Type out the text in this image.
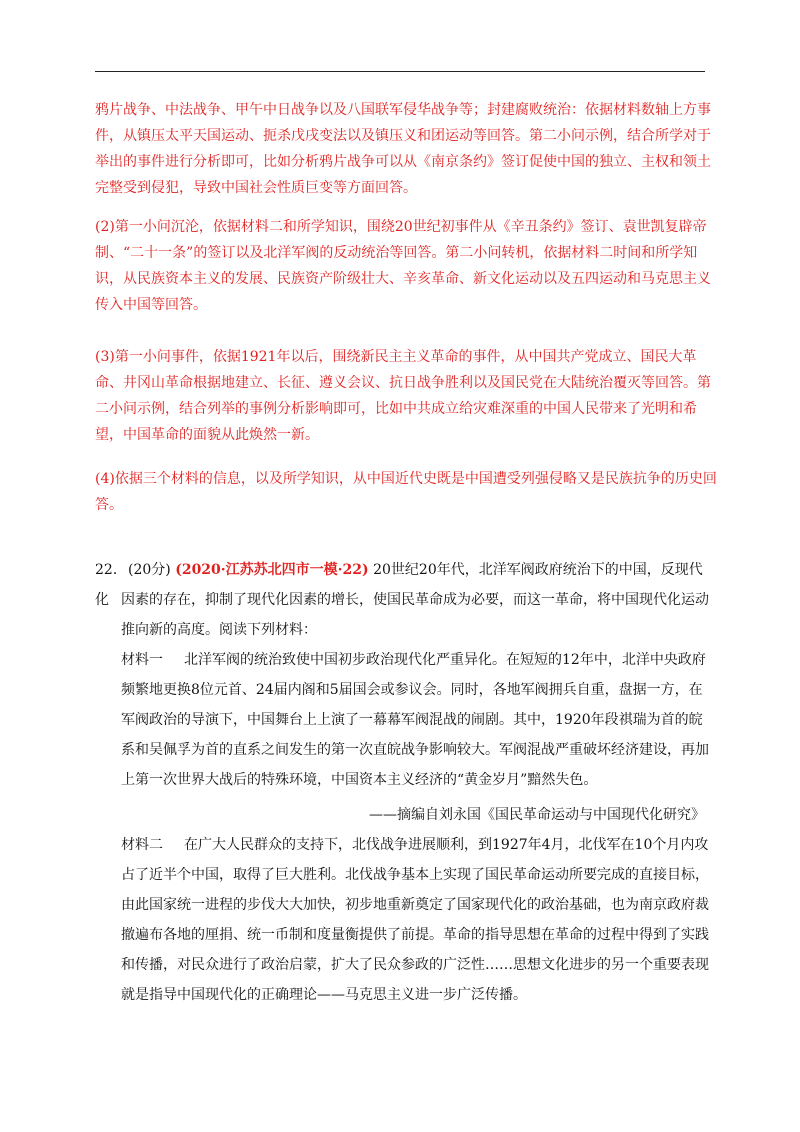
鸦片战争、中法战争、甲午中日战争以及八国联军侵华战争等；封建腐败统治：依据材料数轴上方事件，从镇压太平天国运动、扼杀戊戌变法以及镇压义和团运动等回答。第二小问示例，结合所学对于举出的事件进行分析即可，比如分析鸦片战争可以从《南京条约》签订促使中国的独立、主权和领土完整受到侵犯，导致中国社会性质巨变等方面回答。

(2)第一小问沉沦，依据材料二和所学知识，围绕20世纪初事件从《辛丑条约》签订、袁世凯复辟帝制、“二十一条”的签订以及北洋军阀的反动统治等回答。第二小问转机，依据材料二时间和所学知识，从民族资本主义的发展、民族资产阶级壮大、辛亥革命、新文化运动以及五四运动和马克思主义传入中国等回答。

(3)第一小问事件，依据1921年以后，围绕新民主主义革命的事件，从中国共产党成立、国民大革命、井冈山革命根据地建立、长征、遵义会议、抗日战争胜利以及国民党在大陆统治覆灭等回答。第二小问示例，结合列举的事例分析影响即可，比如中共成立给灾难深重的中国人民带来了光明和希望，中国革命的面貌从此焕然一新。

(4)依据三个材料的信息，以及所学知识，从中国近代史既是中国遭受列强侵略又是民族抗争的历史回答。

22．(20分) (2020·江苏苏北四市一模·22) 20世纪20年代，北洋军阀政府统治下的中国，反现代化 因素的存在，抑制了现代化因素的增长，使国民革命成为必要，而这一革命，将中国现代化运动推向新的高度。阅读下列材料：

材料一 北洋军阀的统治致使中国初步政治现代化严重异化。在短短的12年中，北洋中央政府频繁地更换8位元首、24届内阁和5届国会或参议会。同时，各地军阀拥兵自重，盘据一方，在军阀政治的导演下，中国舞台上上演了一幕幕军阀混战的闹剧。其中，1920年段祺瑞为首的皖系和吴佩孚为首的直系之间发生的第一次直皖战争影响较大。军阀混战严重破坏经济建设，再加上第一次世界大战后的特殊环境，中国资本主义经济的“黄金岁月”黯然失色。

——摘编自刘永国《国民革命运动与中国现代化研究》

材料二 在广大人民群众的支持下，北伐战争进展顺利，到1927年4月，北伐军在10个月内攻占了近半个中国，取得了巨大胜利。北伐战争基本上实现了国民革命运动所要完成的直接目标，由此国家统一进程的步伐大大加快，初步地重新奠定了国家现代化的政治基础，也为南京政府裁撤遍布各地的厘捐、统一币制和度量衡提供了前提。革命的指导思想在革命的过程中得到了实践和传播，对民众进行了政治启蒙，扩大了民众参政的广泛性……思想文化进步的另一个重要表现就是指导中国现代化的正确理论——马克思主义进一步广泛传播。
